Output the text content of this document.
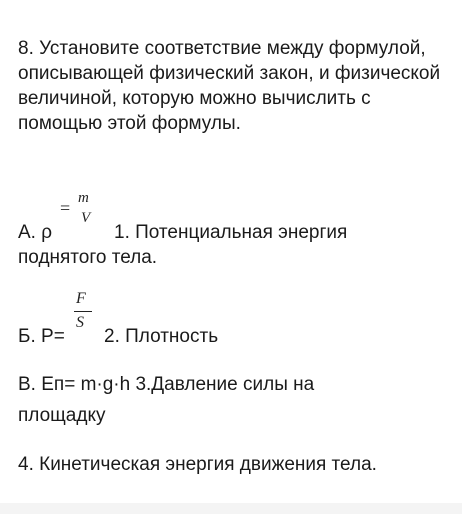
8. Установите соответствие между формулой, описывающей физический закон, и физической величиной, которую можно вычислить с помощью этой формулы.
А. ρ
= m
V
1. Потенциальная энергия
поднятого тела.
Б. P=
F
S
2. Плотность
В. Eп= m·g·h 3.Давление силы на
площадку
4. Кинетическая энергия движения тела.
